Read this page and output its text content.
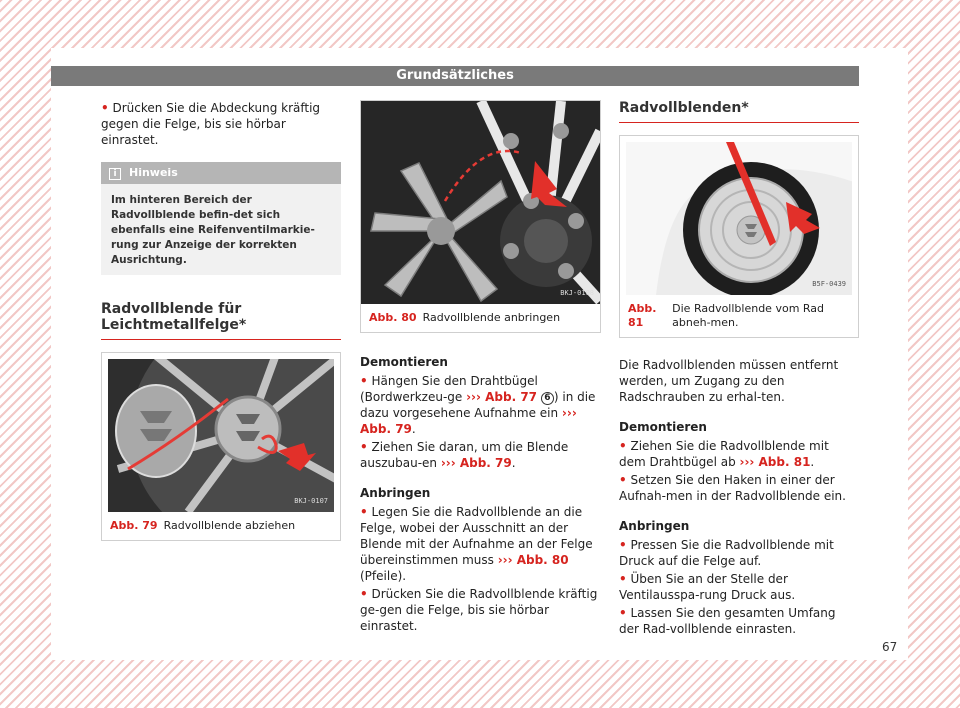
Grundsätzliches

• Drücken Sie die Abdeckung kräftig gegen die Felge, bis sie hörbar einrastet.

i Hinweis
Im hinteren Bereich der Radvollblende befin-det sich ebenfalls eine Reifenventilmarkie-rung zur Anzeige der korrekten Ausrichtung.
Radvollblende für Leichtmetallfelge*
BKJ-0107
Abb. 79 Radvollblende abziehen
BKJ-0108
Abb. 80 Radvollblende anbringen

Demontieren

• Hängen Sie den Drahtbügel (Bordwerkzeu-ge ››› Abb. 77 6 ) in die dazu vorgesehene Aufnahme ein ››› Abb. 79.

• Ziehen Sie daran, um die Blende auszubau-en ››› Abb. 79.

Anbringen

• Legen Sie die Radvollblende an die Felge, wobei der Ausschnitt an der Blende mit der Aufnahme an der Felge übereinstimmen muss ››› Abb. 80 (Pfeile).

• Drücken Sie die Radvollblende kräftig ge-gen die Felge, bis sie hörbar einrastet.

Radvollblenden*
B5F-0439
Abb. 81
Die Radvollblende vom Rad abneh-men.

Die Radvollblenden müssen entfernt werden, um Zugang zu den Radschrauben zu erhal-ten.

Demontieren

• Ziehen Sie die Radvollblende mit dem Drahtbügel ab ››› Abb. 81.

• Setzen Sie den Haken in einer der Aufnah-men in der Radvollblende ein.

Anbringen

• Pressen Sie die Radvollblende mit Druck auf die Felge auf.

• Üben Sie an der Stelle der Ventilausspa-rung Druck aus.

• Lassen Sie den gesamten Umfang der Rad-vollblende einrasten.

67
